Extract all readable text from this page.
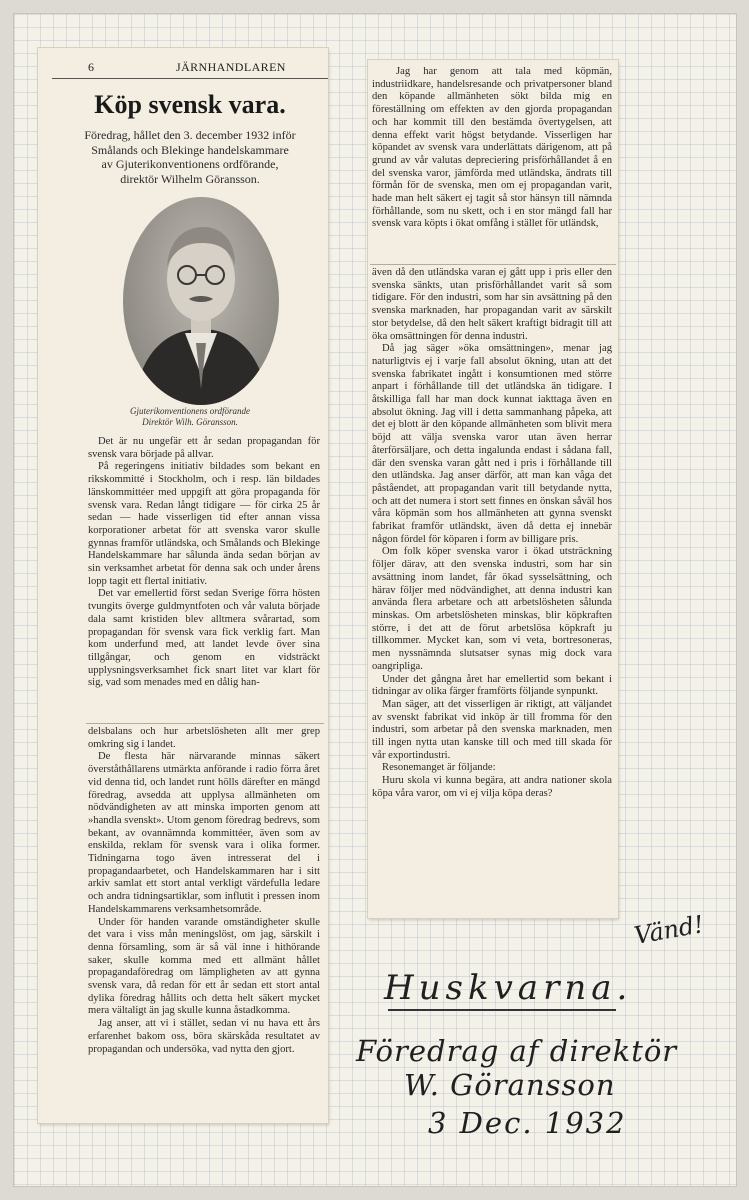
6	JÄRNHANDLAREN
Köp svensk vara.
Föredrag, hållet den 3. december 1932 inför
Smålands och Blekinge handelskammare
av Gjuterikonventionens ordförande,
direktör Wilhelm Göransson.
Gjuterikonventionens ordförande
Direktör Wilh. Göransson.

Det är nu ungefär ett år sedan propagandan för svensk vara började på allvar.

På regeringens initiativ bildades som bekant en rikskommitté i Stockholm, och i resp. län bildades länskommittéer med uppgift att göra propaganda för svensk vara. Redan långt tidigare — för cirka 25 år sedan — hade visserligen tid efter annan vissa korporationer arbetat för att svenska varor skulle gynnas framför utländska, och Smålands och Blekinge Handelskammare har sålunda ända sedan början av sin verksamhet arbetat för denna sak och under årens lopp tagit ett flertal initiativ.

Det var emellertid först sedan Sverige förra hösten tvungits överge guldmyntfoten och vår valuta började dala samt kristiden blev alltmera svårartad, som propagandan för svensk vara fick verklig fart. Man kom underfund med, att landet levde över sina tillgångar, och genom en vidsträckt upplysningsverksamhet fick snart litet var klart för sig, vad som menades med en dålig han-

delsbalans och hur arbetslösheten allt mer grep omkring sig i landet.

De flesta här närvarande minnas säkert överståthållarens utmärkta anförande i radio förra året vid denna tid, och landet runt hölls därefter en mängd föredrag, avsedda att upplysa allmänheten om nödvändigheten av att minska importen genom att »handla svenskt». Utom genom föredrag bedrevs, som bekant, av ovannämnda kommittéer, även som av enskilda, reklam för svensk vara i olika former. Tidningarna togo även intresserat del i propagandaarbetet, och Handelskammaren har i sitt arkiv samlat ett stort antal verkligt värdefulla ledare och andra tidningsartiklar, som influtit i pressen inom Handelskammarens verksamhetsområde.

Under för handen varande omständigheter skulle det vara i viss mån meningslöst, om jag, särskilt i denna församling, som är så väl inne i hithörande saker, skulle komma med ett allmänt hållet propagandaföredrag om lämpligheten av att gynna svensk vara, då redan för ett år sedan ett stort antal dylika föredrag hållits och detta helt säkert mycket mera vältaligt än jag skulle kunna åstadkomma.

Jag anser, att vi i stället, sedan vi nu hava ett års erfarenhet bakom oss, böra skärskåda resultatet av propagandan och undersöka, vad nytta den gjort.

Jag har genom att tala med köpmän, industriidkare, handelsresande och privatpersoner bland den köpande allmänheten sökt bilda mig en föreställning om effekten av den gjorda propagandan och har kommit till den bestämda övertygelsen, att denna effekt varit högst betydande. Visserligen har köpandet av svensk vara underlättats därigenom, att på grund av vår valutas depreciering prisförhållandet å en del svenska varor, jämförda med utländska, ändrats till förmån för de svenska, men om ej propagandan varit, hade man helt säkert ej tagit så stor hänsyn till nämnda förhållande, som nu skett, och i en stor mängd fall har svensk vara köpts i ökat omfång i stället för utländsk,

även då den utländska varan ej gått upp i pris eller den svenska sänkts, utan prisförhållandet varit så som tidigare. För den industri, som har sin avsättning på den svenska marknaden, har propagandan varit av särskilt stor betydelse, då den helt säkert kraftigt bidragit till att öka omsättningen för denna industri.

Då jag säger »öka omsättningen», menar jag naturligtvis ej i varje fall absolut ökning, utan att det svenska fabrikatet ingått i konsumtionen med större anpart i förhållande till det utländska än tidigare. I åtskilliga fall har man dock kunnat iakttaga även en absolut ökning. Jag vill i detta sammanhang påpeka, att det ej blott är den köpande allmänheten som blivit mera böjd att välja svenska varor utan även herrar återförsäljare, och detta ingalunda endast i sådana fall, där den svenska varan gått ned i pris i förhållande till den utländska. Jag anser därför, att man kan våga det påståendet, att propagandan varit till betydande nytta, och att det numera i stort sett finnes en önskan såväl hos våra köpmän som hos allmänheten att gynna svenskt fabrikat framför utländskt, även då detta ej innebär någon fördel för köparen i form av billigare pris.

Om folk köper svenska varor i ökad utsträckning följer därav, att den svenska industri, som har sin avsättning inom landet, får ökad sysselsättning, och härav följer med nödvändighet, att denna industri kan använda flera arbetare och att arbetslösheten sålunda minskas. Om arbetslösheten minskas, blir köpkraften större, i det att de förut arbetslösa köpkraft ju tillkommer. Mycket kan, som vi veta, bortresoneras, men nyssnämnda slutsatser synas mig dock vara oangripliga.

Under det gångna året har emellertid som bekant i tidningar av olika färger framförts följande synpunkt.

Man säger, att det visserligen är riktigt, att väljandet av svenskt fabrikat vid inköp är till fromma för den industri, som arbetar på den svenska marknaden, men till ingen nytta utan kanske till och med till skada för vår exportindustri.

Resonemanget är följande:

Huru skola vi kunna begära, att andra nationer skola köpa våra varor, om vi ej vilja köpa deras?

Vänd!
Huskvarna.
Föredrag af direktör
W. Göransson
3 Dec. 1932
